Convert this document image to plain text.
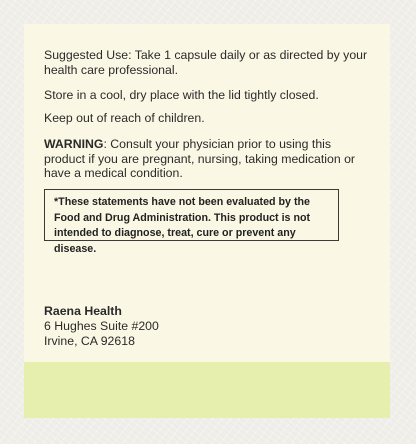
Suggested Use: Take 1 capsule daily or as directed by your health care professional.

Store in a cool, dry place with the lid tightly closed.

Keep out of reach of children.

WARNING: Consult your physician prior to using this product if you are pregnant, nursing, taking medication or have a medical condition.

*These statements have not been evaluated by the Food and Drug Administration. This product is not intended to diagnose, treat, cure or prevent any disease.

Raena Health
6 Hughes Suite #200
Irvine, CA 92618
